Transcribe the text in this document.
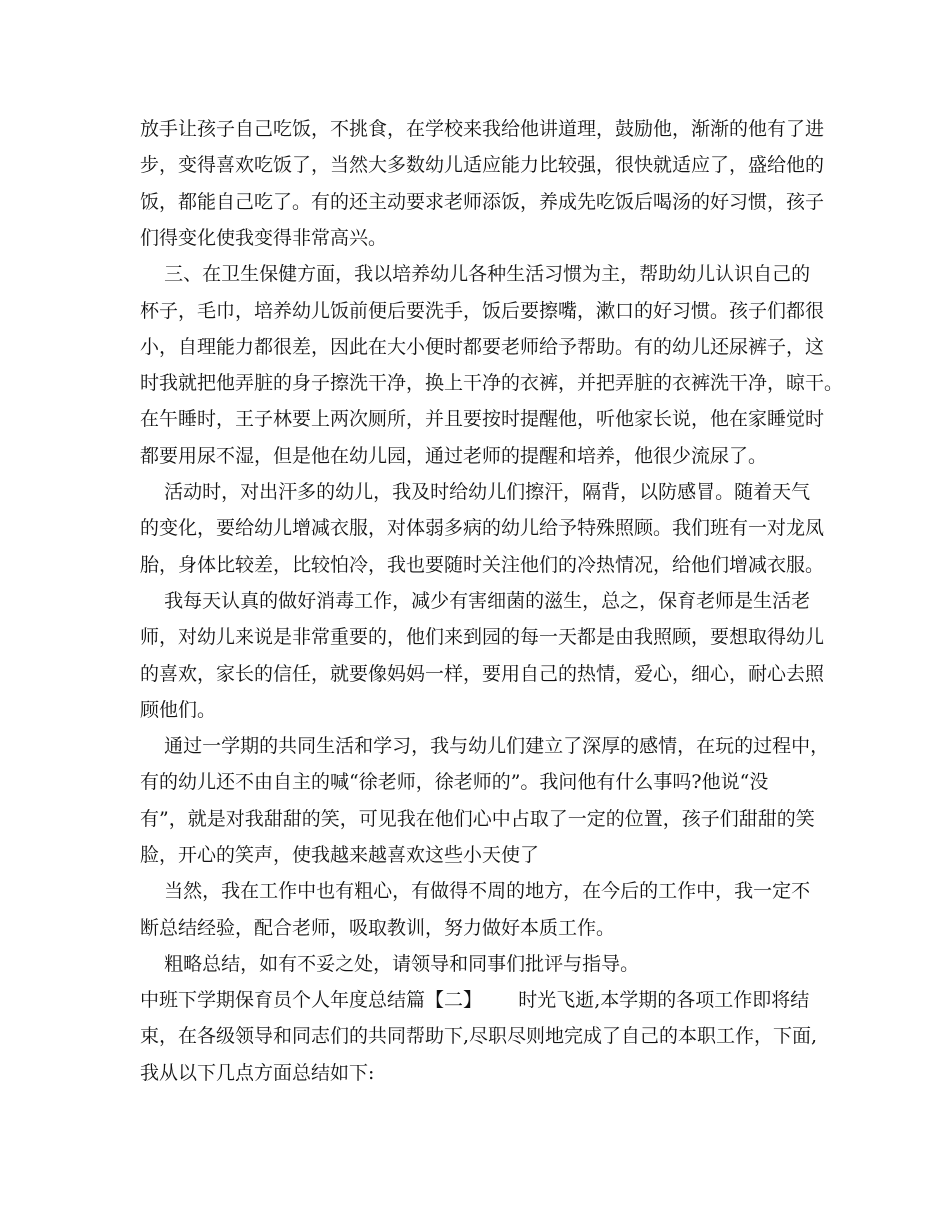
放手让孩子自己吃饭，不挑食，在学校来我给他讲道理，鼓励他，渐渐的他有了进
步，变得喜欢吃饭了，当然大多数幼儿适应能力比较强，很快就适应了，盛给他的
饭，都能自己吃了。有的还主动要求老师添饭，养成先吃饭后喝汤的好习惯，孩子
们得变化使我变得非常高兴。
三、在卫生保健方面，我以培养幼儿各种生活习惯为主，帮助幼儿认识自己的
杯子，毛巾，培养幼儿饭前便后要洗手，饭后要擦嘴，漱口的好习惯。孩子们都很
小，自理能力都很差，因此在大小便时都要老师给予帮助。有的幼儿还尿裤子，这
时我就把他弄脏的身子擦洗干净，换上干净的衣裤，并把弄脏的衣裤洗干净，晾干。
在午睡时，王子林要上两次厕所，并且要按时提醒他，听他家长说，他在家睡觉时
都要用尿不湿，但是他在幼儿园，通过老师的提醒和培养，他很少流尿了。
活动时，对出汗多的幼儿，我及时给幼儿们擦汗，隔背，以防感冒。随着天气
的变化，要给幼儿增减衣服，对体弱多病的幼儿给予特殊照顾。我们班有一对龙凤
胎，身体比较差，比较怕冷，我也要随时关注他们的冷热情况，给他们增减衣服。
我每天认真的做好消毒工作，减少有害细菌的滋生，总之，保育老师是生活老
师，对幼儿来说是非常重要的，他们来到园的每一天都是由我照顾，要想取得幼儿
的喜欢，家长的信任，就要像妈妈一样，要用自己的热情，爱心，细心，耐心去照
顾他们。
通过一学期的共同生活和学习，我与幼儿们建立了深厚的感情，在玩的过程中，
有的幼儿还不由自主的喊“徐老师，徐老师的”。我问他有什么事吗?他说“没
有”，就是对我甜甜的笑，可见我在他们心中占取了一定的位置，孩子们甜甜的笑
脸，开心的笑声，使我越来越喜欢这些小天使了
当然，我在工作中也有粗心，有做得不周的地方，在今后的工作中，我一定不
断总结经验，配合老师，吸取教训，努力做好本质工作。
粗略总结，如有不妥之处，请领导和同事们批评与指导。
中班下学期保育员个人年度总结篇【二】      时光飞逝,本学期的各项工作即将结
束，在各级领导和同志们的共同帮助下,尽职尽则地完成了自己的本职工作，下面,
我从以下几点方面总结如下:
